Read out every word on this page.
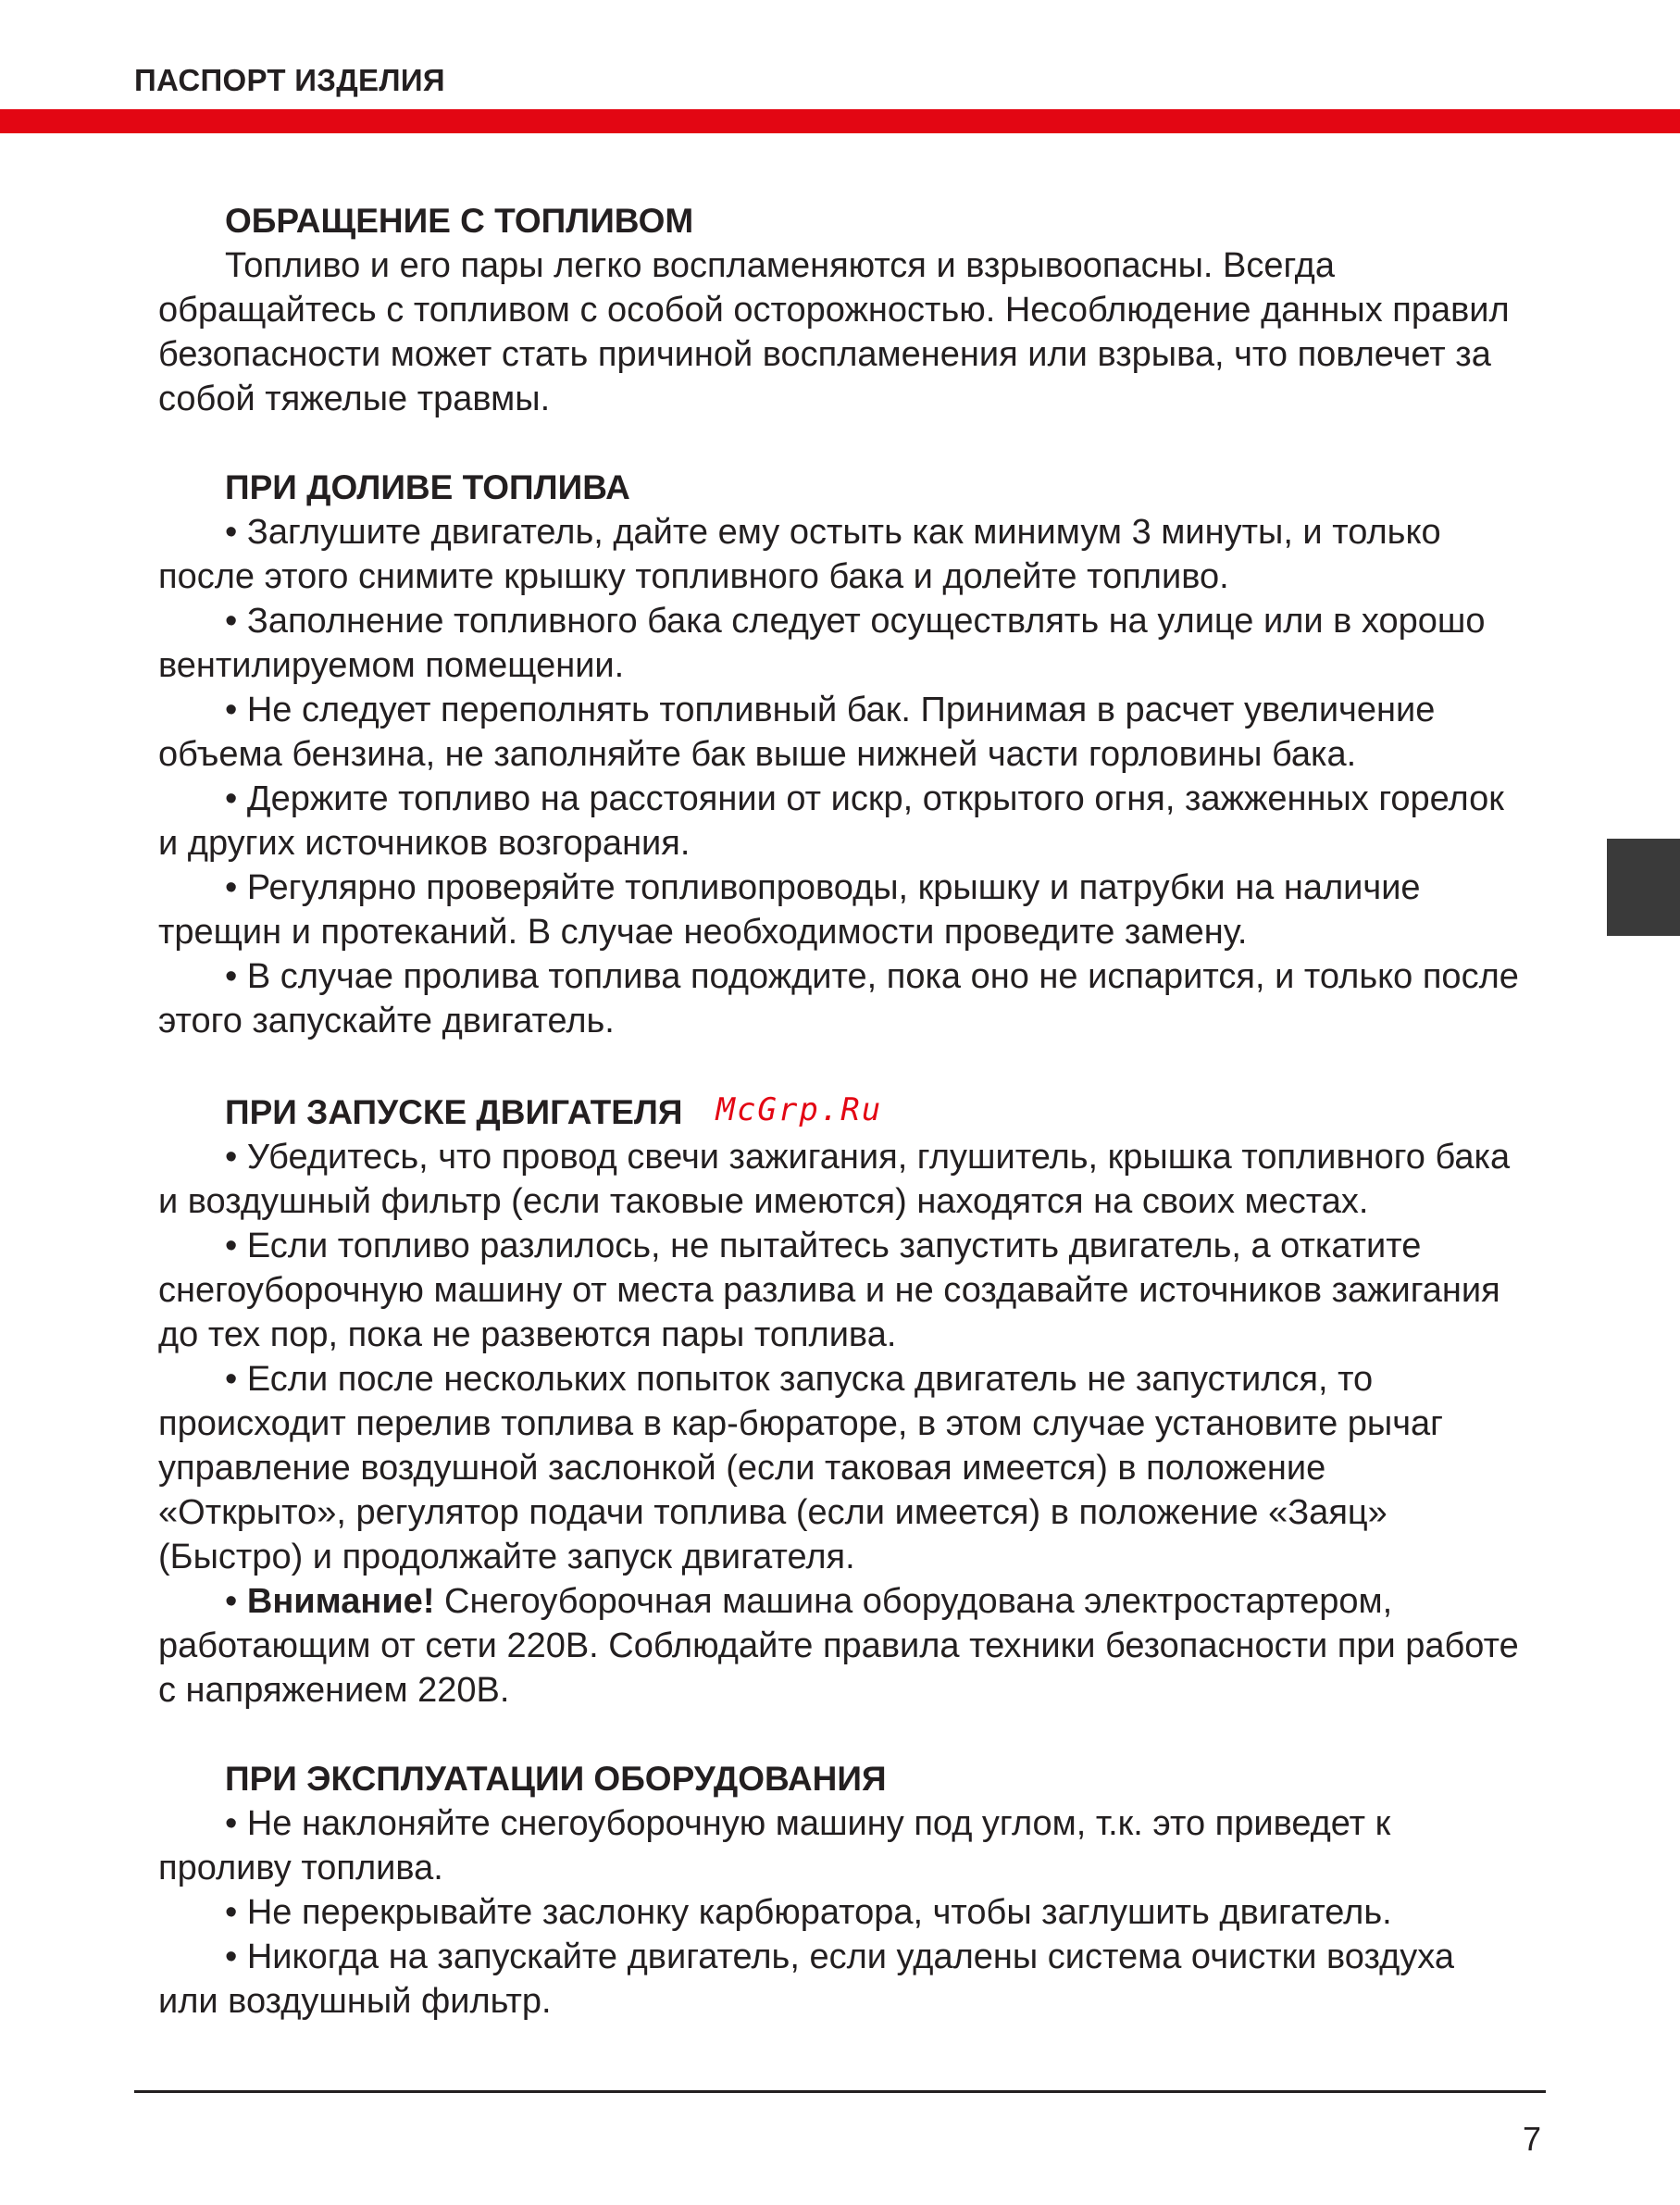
ПАСПОРТ ИЗДЕЛИЯ

ОБРАЩЕНИЕ С ТОПЛИВОМ

Топливо и его пары легко воспламеняются и взрывоопасны. Всегда обращайтесь с топливом с особой осторожностью. Несоблюдение данных правил безопасности может стать причиной воспламенения или взрыва, что повлечет за собой тяжелые травмы.

ПРИ ДОЛИВЕ ТОПЛИВА

• Заглушите двигатель, дайте ему остыть как минимум 3 минуты, и только после этого снимите крышку топливного бака и долейте топливо.

• Заполнение топливного бака следует осуществлять на улице или в хорошо вентилируемом помещении.

• Не следует переполнять топливный бак. Принимая в расчет увеличение объема бензина, не заполняйте бак выше нижней части горловины бака.

• Держите топливо на расстоянии от искр, открытого огня, зажженных горелок и других источников возгорания.

• Регулярно проверяйте топливопроводы, крышку и патрубки на наличие трещин и протеканий. В случае необходимости проведите замену.

• В случае пролива топлива подождите, пока оно не испарится, и только после этого запускайте двигатель.

ПРИ ЗАПУСКЕ ДВИГАТЕЛЯ McGrp.Ru

• Убедитесь, что провод свечи зажигания, глушитель, крышка топливного бака и воздушный фильтр (если таковые имеются) находятся на своих местах.

• Если топливо разлилось, не пытайтесь запустить двигатель, а откатите снегоуборочную машину от места разлива и не создавайте источников зажигания до тех пор, пока не развеются пары топлива.

• Если после нескольких попыток запуска двигатель не запустился, то происходит перелив топлива в кар-бюраторе, в этом случае установите рычаг управление воздушной заслонкой (если таковая имеется) в положение «Открыто», регулятор подачи топлива (если имеется) в положение «Заяц» (Быстро) и продолжайте запуск двигателя.

• Внимание! Снегоуборочная машина оборудована электростартером, работающим от сети 220В. Соблюдайте правила техники безопасности при работе с напряжением 220В.

ПРИ ЭКСПЛУАТАЦИИ ОБОРУДОВАНИЯ

• Не наклоняйте снегоуборочную машину под углом, т.к. это приведет к проливу топлива.

• Не перекрывайте заслонку карбюратора, чтобы заглушить двигатель.

• Никогда на запускайте двигатель, если удалены система очистки воздуха или воздушный фильтр.

7
